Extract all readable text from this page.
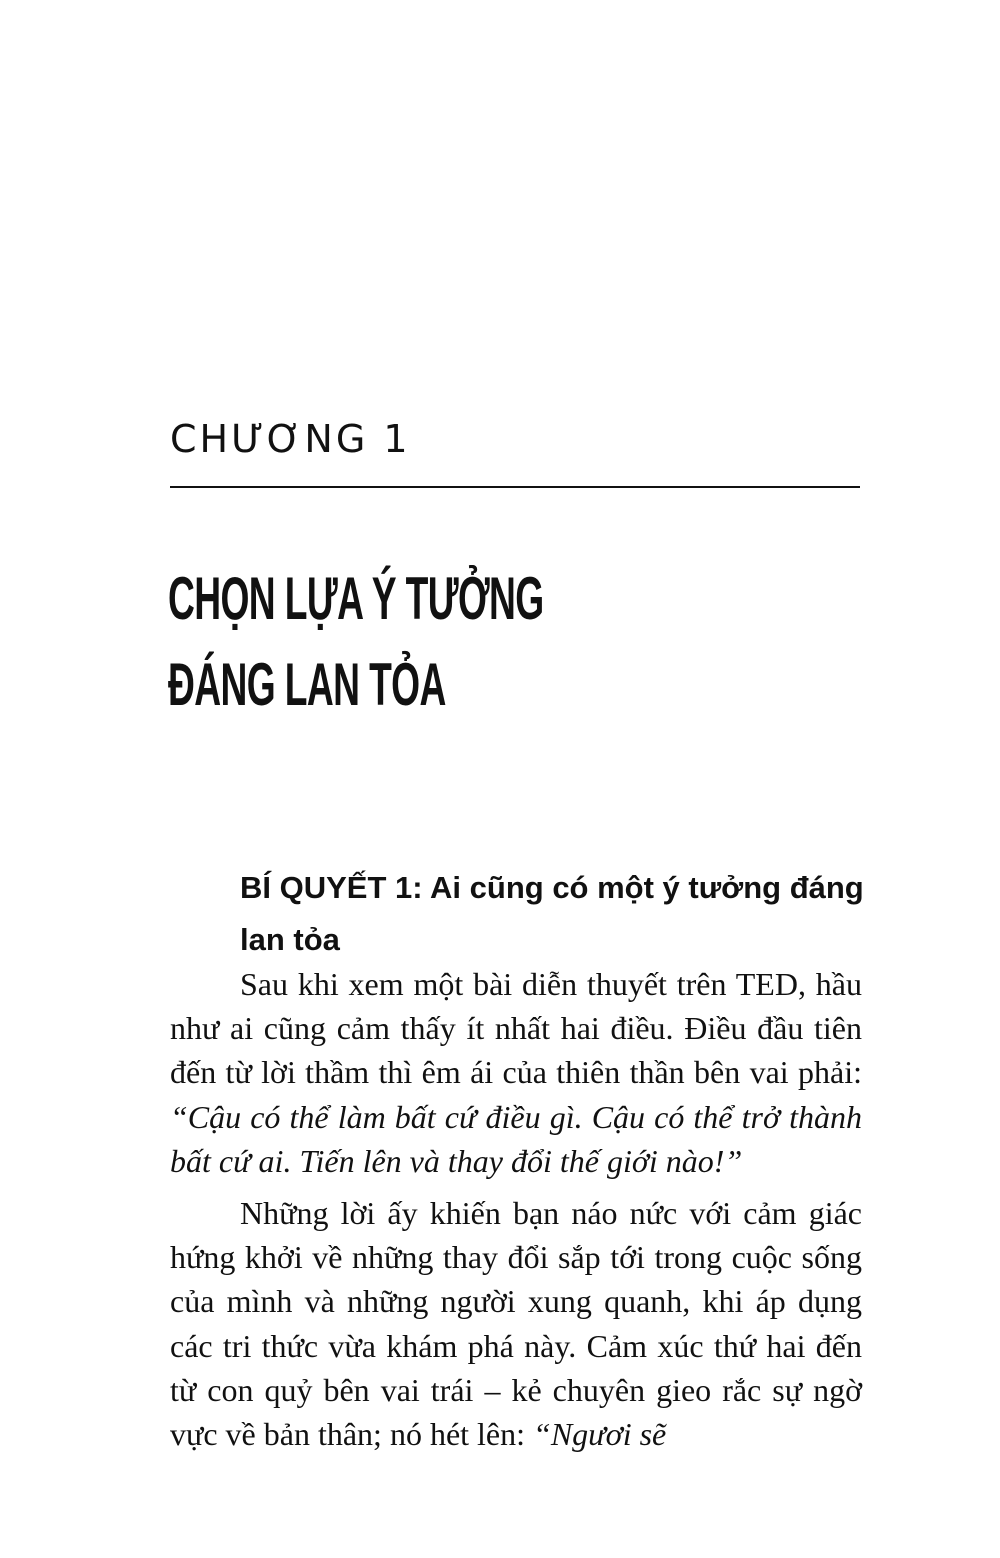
CHƯƠNG 1
CHỌN LỰA Ý TƯỞNG
ĐÁNG LAN TỎA
BÍ QUYẾT 1: Ai cũng có một ý tưởng đáng lan tỏa

Sau khi xem một bài diễn thuyết trên TED, hầu như ai cũng cảm thấy ít nhất hai điều. Điều đầu tiên đến từ lời thầm thì êm ái của thiên thần bên vai phải: “Cậu có thể làm bất cứ điều gì. Cậu có thể trở thành bất cứ ai. Tiến lên và thay đổi thế giới nào!”

Những lời ấy khiến bạn náo nức với cảm giác hứng khởi về những thay đổi sắp tới trong cuộc sống của mình và những người xung quanh, khi áp dụng các tri thức vừa khám phá này. Cảm xúc thứ hai đến từ con quỷ bên vai trái – kẻ chuyên gieo rắc sự ngờ vực về bản thân; nó hét lên: “Ngươi sẽ
